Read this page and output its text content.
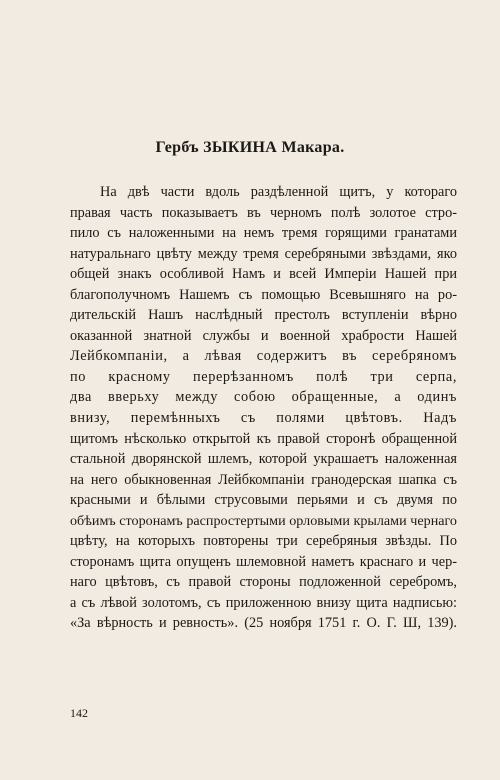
Гербъ ЗЫКИНА Макара.
На двѣ части вдоль раздѣленной щитъ, у котораго
правая часть показываетъ въ черномъ полѣ золотое стро-
пило съ наложенными на немъ тремя горящими гранатами
натуральнаго цвѣту между тремя серебряными звѣздами, яко
общей знакъ особливой Намъ и всей Имперіи Нашей при
благополучномъ Нашемъ съ помощью Всевышняго на ро-
дительскій Нашъ наслѣдный престолъ вступленіи вѣрно
оказанной знатной службы и военной храбрости Нашей
Лейбкомпаніи, а лѣвая содержитъ въ серебряномъ
по красному перерѣзанномъ полѣ три серпа,
два вверьху между собою обращенные, а одинъ
внизу, перемѣнныхъ съ полями цвѣтовъ. Надъ
щитомъ нѣсколько открытой къ правой сторонѣ обращенной
стальной дворянской шлемъ, которой украшаетъ наложенная
на него обыкновенная Лейбкомпаніи гранодерская шапка съ
красными и бѣлыми струсовыми перьями и съ двумя по
обѣимъ сторонамъ распростертыми орловыми крылами чернаго
цвѣту, на которыхъ повторены три серебряныя звѣзды. По
сторонамъ щита опущенъ шлемовной наметъ краснаго и чер-
наго цвѣтовъ, съ правой стороны подложенной серебромъ,
а съ лѣвой золотомъ, съ приложенною внизу щита надписью:
«За вѣрность и ревность». (25 ноября 1751 г. О. Г. Ш, 139).
142
